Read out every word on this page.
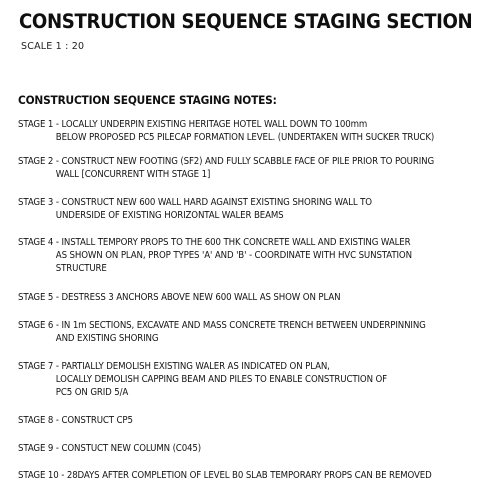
CONSTRUCTION SEQUENCE STAGING SECTION
SCALE 1 : 20
CONSTRUCTION SEQUENCE STAGING NOTES:
STAGE 1 - LOCALLY UNDERPIN EXISTING HERITAGE HOTEL WALL DOWN TO 100mm
BELOW PROPOSED PC5 PILECAP FORMATION LEVEL. (UNDERTAKEN WITH SUCKER TRUCK)
STAGE 2 - CONSTRUCT NEW FOOTING (SF2) AND FULLY SCABBLE FACE OF PILE PRIOR TO POURING
WALL [CONCURRENT WITH STAGE 1]
STAGE 3 - CONSTRUCT NEW 600 WALL HARD AGAINST EXISTING SHORING WALL TO
UNDERSIDE OF EXISTING HORIZONTAL WALER BEAMS
STAGE 4 - INSTALL TEMPORY PROPS TO THE 600 THK CONCRETE WALL AND EXISTING WALER
AS SHOWN ON PLAN, PROP TYPES 'A' AND 'B' - COORDINATE WITH HVC SUNSTATION
STRUCTURE
STAGE 5 - DESTRESS 3 ANCHORS ABOVE NEW 600 WALL AS SHOW ON PLAN
STAGE 6 - IN 1m SECTIONS, EXCAVATE AND MASS CONCRETE TRENCH BETWEEN UNDERPINNING
AND EXISTING SHORING
STAGE 7 - PARTIALLY DEMOLISH EXISTING WALER AS INDICATED ON PLAN,
LOCALLY DEMOLISH CAPPING BEAM AND PILES TO ENABLE CONSTRUCTION OF
PC5 ON GRID 5/A
STAGE 8 - CONSTRUCT CP5
STAGE 9 - CONSTUCT NEW COLUMN (C045)
STAGE 10 - 28DAYS AFTER COMPLETION OF LEVEL B0 SLAB TEMPORARY PROPS CAN BE REMOVED
